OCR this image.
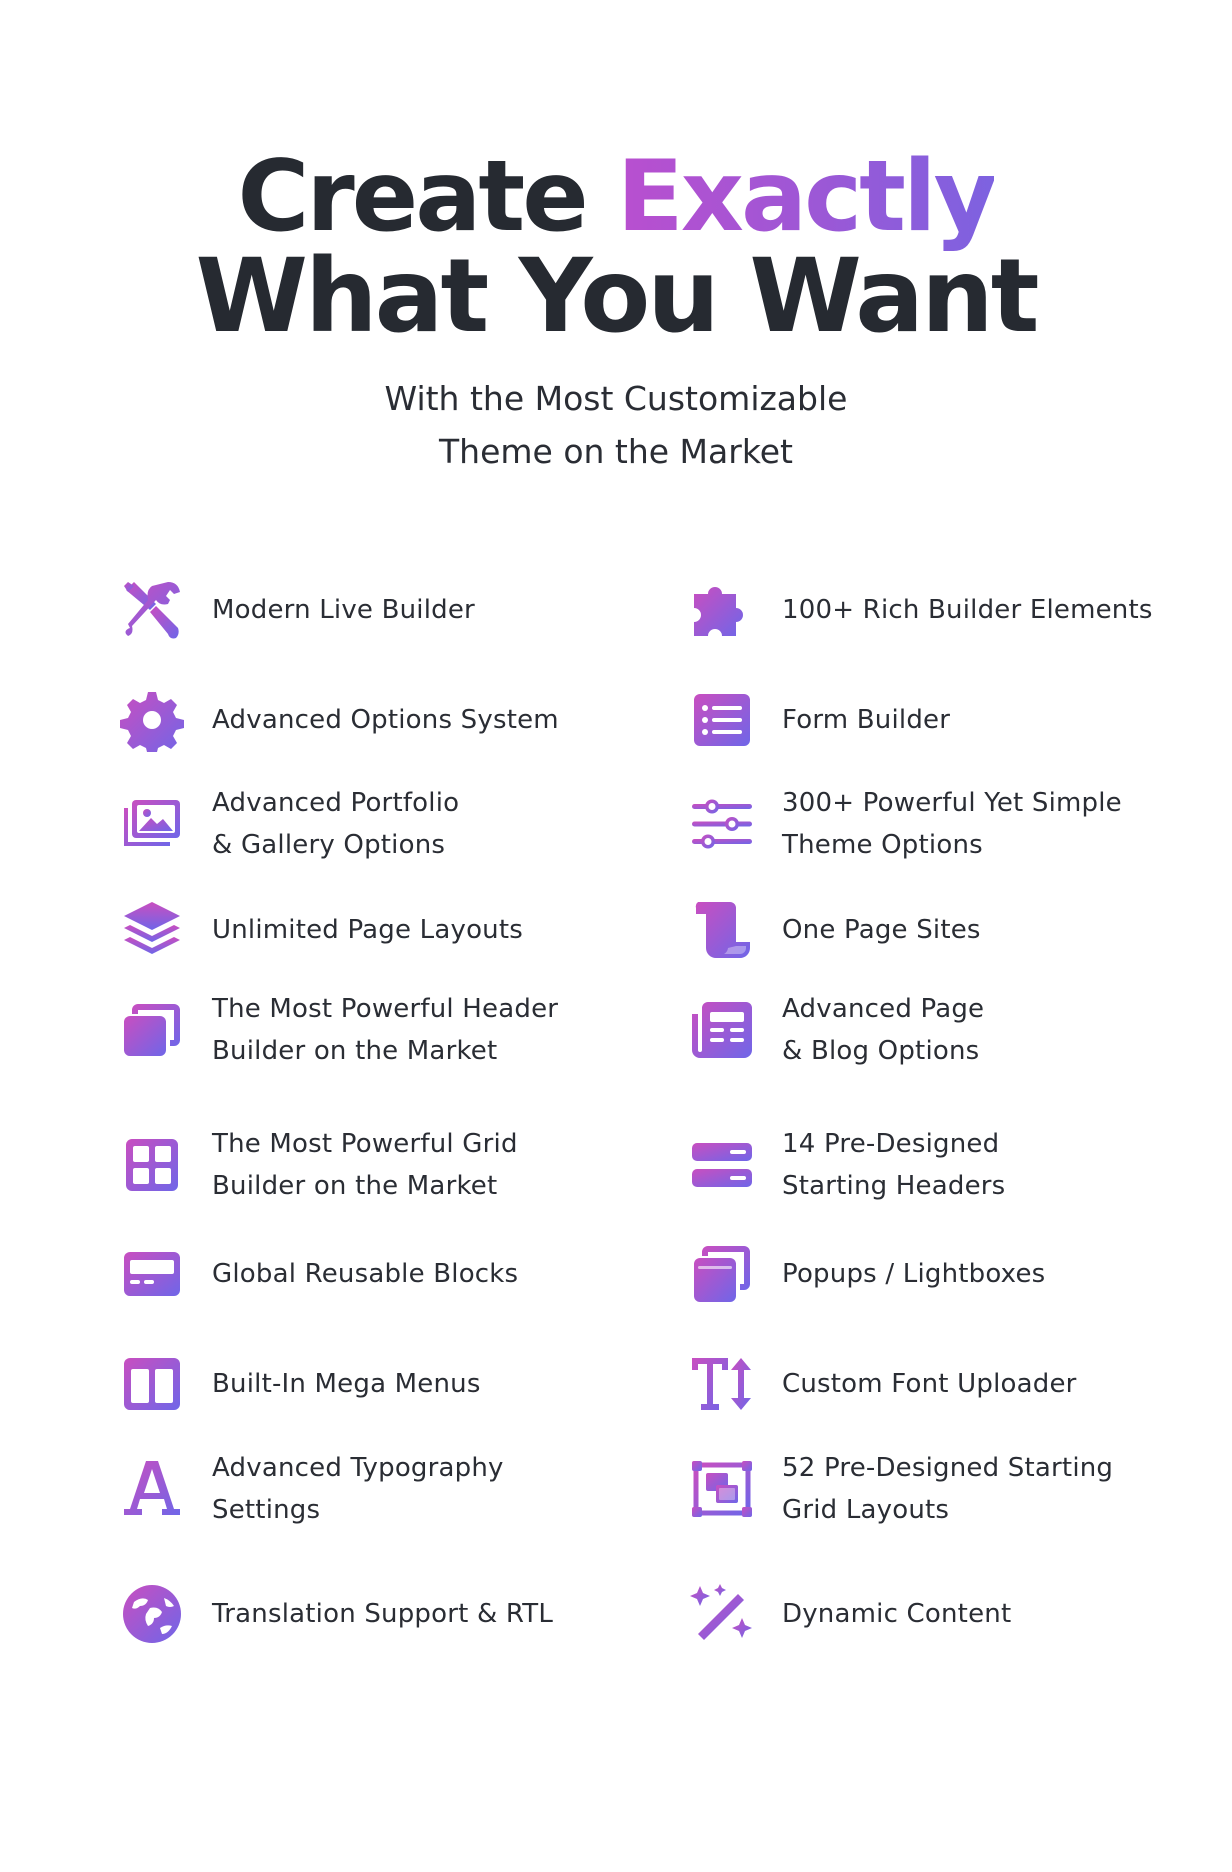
Create Exactly
What You Want
With the Most Customizable
Theme on the Market
Modern Live Builder
Advanced Options System
Advanced Portfolio
& Gallery Options
Unlimited Page Layouts
The Most Powerful Header
Builder on the Market
The Most Powerful Grid
Builder on the Market
Global Reusable Blocks
Built-In Mega Menus
Advanced Typography
Settings
Translation Support & RTL
100+ Rich Builder Elements
Form Builder
300+ Powerful Yet Simple
Theme Options
One Page Sites
Advanced Page
& Blog Options
14 Pre-Designed
Starting Headers
Popups / Lightboxes
Custom Font Uploader
52 Pre-Designed Starting
Grid Layouts
Dynamic Content
